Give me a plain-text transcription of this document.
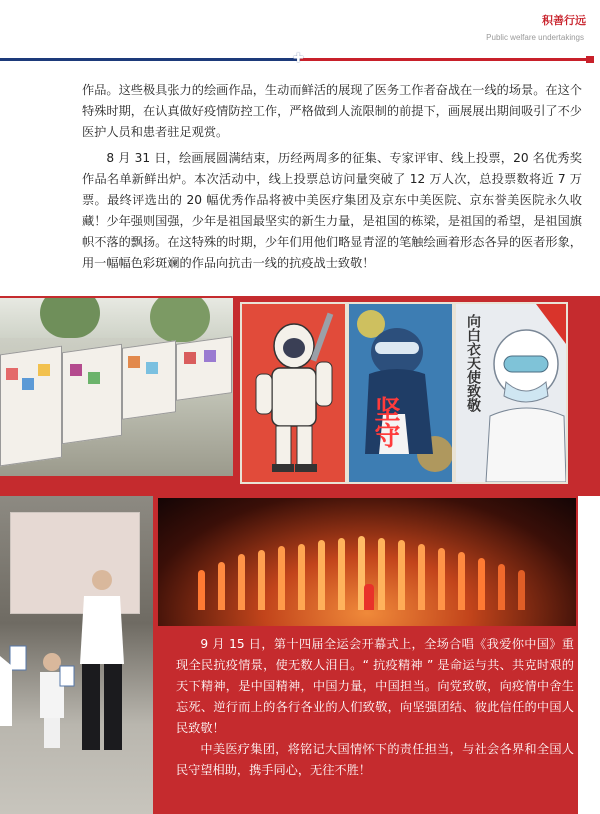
积善行远
Public welfare undertakings
✚

作品。这些极具张力的绘画作品，生动而鲜活的展现了医务工作者奋战在一线的场景。在这个特殊时期，在认真做好疫情防控工作，严格做到人流限制的前提下，画展展出期间吸引了不少医护人员和患者驻足观赏。

8 月 31 日，绘画展圆满结束，历经两周多的征集、专家评审、线上投票，20 名优秀奖作品名单新鲜出炉。本次活动中，线上投票总访问量突破了 12 万人次，总投票数将近 7 万票。最终评选出的 20 幅优秀作品将被中美医疗集团及京东中美医院、京东誉美医院永久收藏！少年强则国强，少年是祖国最坚实的新生力量，是祖国的栋梁，是祖国的希望，是祖国旗帜不落的飘扬。在这特殊的时期，少年们用他们略显青涩的笔触绘画着形态各异的医者形象，用一幅幅色彩斑斓的作品向抗击一线的抗疫战士致敬！

坚守
向白衣天使致敬

9 月 15 日，第十四届全运会开幕式上，全场合唱《我爱你中国》重现全民抗疫情景，使无数人泪目。“ 抗疫精神 ” 是命运与共、共克时艰的天下精神，是中国精神，中国力量，中国担当。向党致敬，向疫情中舍生忘死、逆行而上的各行各业的人们致敬，向坚强团结、彼此信任的中国人民致敬！

中美医疗集团，将铭记大国情怀下的责任担当，与社会各界和全国人民守望相助，携手同心，无往不胜！
